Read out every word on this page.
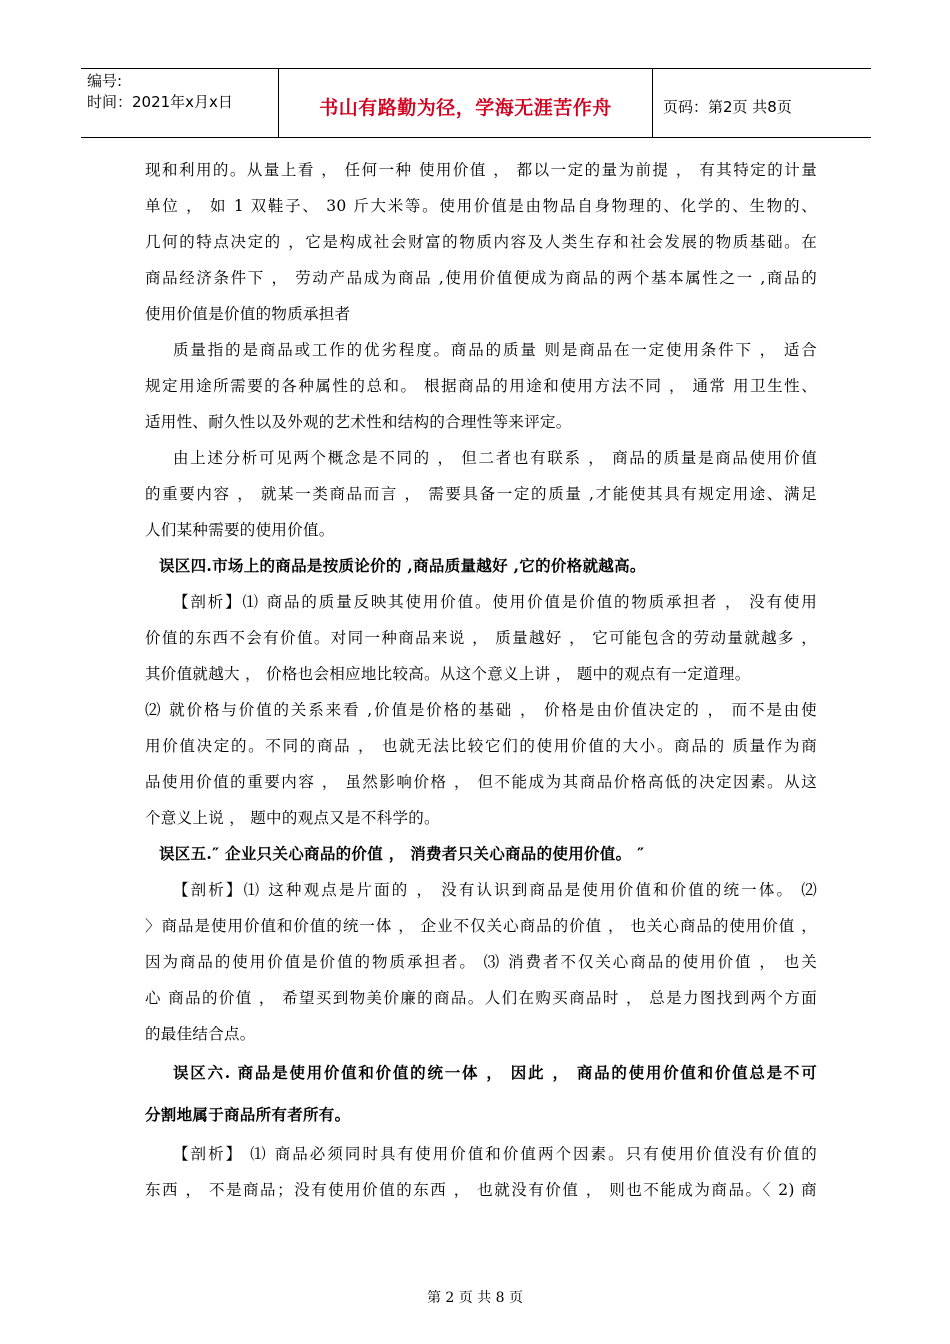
编号:
时间：2021年x月x日	书山有路勤为径，学海无涯苦作舟	页码：第2页 共8页
现和利用的。从量上看 ， 任何一种 使用价值 ， 都以一定的量为前提 ， 有其特定的计量
单位 ， 如 1 双鞋子、 30 斤大米等。使用价值是由物品自身物理的、化学的、生物的、
几何的特点决定的 ，它是构成社会财富的物质内容及人类生存和社会发展的物质基础。在
商品经济条件下 ， 劳动产品成为商品 ,使用价值便成为商品的两个基本属性之一 ,商品的
使用价值是价值的物质承担者
质量指的是商品或工作的优劣程度。商品的质量 则是商品在一定使用条件下 ， 适合
规定用途所需要的各种属性的总和。 根据商品的用途和使用方法不同 ， 通常 用卫生性、
适用性、耐久性以及外观的艺术性和结构的合理性等来评定。
由上述分析可见两个概念是不同的 ， 但二者也有联系 ， 商品的质量是商品使用价值
的重要内容 ， 就某一类商品而言 ， 需要具备一定的质量 ,才能使其具有规定用途、满足
人们某种需要的使用价值。
误区四.市场上的商品是按质论价的 ,商品质量越好 ,它的价格就越高。
【剖析】⑴ 商品的质量反映其使用价值。使用价值是价值的物质承担者 ， 没有使用
价值的东西不会有价值。对同一种商品来说 ， 质量越好 ， 它可能包含的劳动量就越多 ，
其价值就越大 ， 价格也会相应地比较高。从这个意义上讲 ， 题中的观点有一定道理。
⑵ 就价格与价值的关系来看 ,价值是价格的基础 ， 价格是由价值决定的 ， 而不是由使
用价值决定的。不同的商品 ， 也就无法比较它们的使用价值的大小。商品的 质量作为商
品使用价值的重要内容 ， 虽然影响价格 ， 但不能成为其商品价格高低的决定因素。从这
个意义上说 ， 题中的观点又是不科学的。
误区五.″ 企业只关心商品的价值 ， 消费者只关心商品的使用价值。 ″
【剖析】⑴ 这种观点是片面的 ， 没有认识到商品是使用价值和价值的统一体。 ⑵
〉商品是使用价值和价值的统一体 ， 企业不仅关心商品的价值 ， 也关心商品的使用价值 ，
因为商品的使用价值是价值的物质承担者。 ⑶ 消费者不仅关心商品的使用价值 ， 也关
心 商品的价值 ， 希望买到物美价廉的商品。人们在购买商品时 ， 总是力图找到两个方面
的最佳结合点。
误区六. 商品是使用价值和价值的统一体 ， 因此 ， 商品的使用价值和价值总是不可
分割地属于商品所有者所有。
【剖析】 ⑴ 商品必须同时具有使用价值和价值两个因素。只有使用价值没有价值的
东西 ， 不是商品；没有使用价值的东西 ， 也就没有价值 ， 则也不能成为商品。〈 2) 商
第 2 页 共 8 页
